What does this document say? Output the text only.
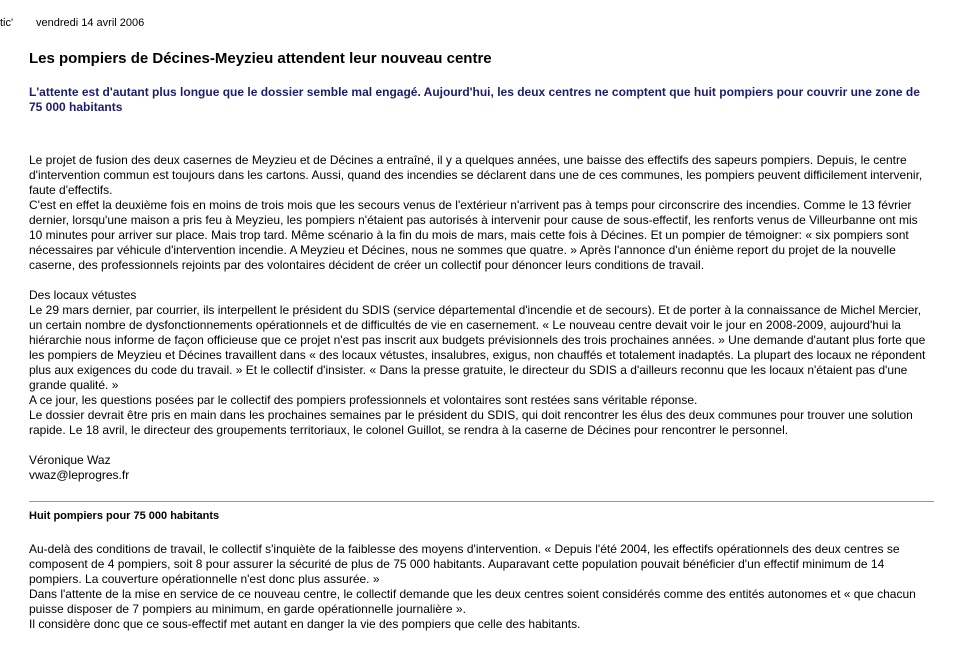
tic' vendredi 14 avril 2006
Les pompiers de Décines-Meyzieu attendent leur nouveau centre
L'attente est d'autant plus longue que le dossier semble mal engagé. Aujourd'hui, les deux centres ne comptent que huit pompiers pour couvrir une zone de 75 000 habitants

Le projet de fusion des deux casernes de Meyzieu et de Décines a entraîné, il y a quelques années, une baisse des effectifs des sapeurs pompiers. Depuis, le centre d'intervention commun est toujours dans les cartons. Aussi, quand des incendies se déclarent dans une de ces communes, les pompiers peuvent difficilement intervenir, faute d'effectifs.

C'est en effet la deuxième fois en moins de trois mois que les secours venus de l'extérieur n'arrivent pas à temps pour circonscrire des incendies. Comme le 13 février dernier, lorsqu'une maison a pris feu à Meyzieu, les pompiers n'étaient pas autorisés à intervenir pour cause de sous-effectif, les renforts venus de Villeurbanne ont mis 10 minutes pour arriver sur place. Mais trop tard. Même scénario à la fin du mois de mars, mais cette fois à Décines. Et un pompier de témoigner: « six pompiers sont nécessaires par véhicule d'intervention incendie. A Meyzieu et Décines, nous ne sommes que quatre. » Après l'annonce d'un énième report du projet de la nouvelle caserne, des professionnels rejoints par des volontaires décident de créer un collectif pour dénoncer leurs conditions de travail.

Des locaux vétustes

Le 29 mars dernier, par courrier, ils interpellent le président du SDIS (service départemental d'incendie et de secours). Et de porter à la connaissance de Michel Mercier, un certain nombre de dysfonctionnements opérationnels et de difficultés de vie en casernement. « Le nouveau centre devait voir le jour en 2008-2009, aujourd'hui la hiérarchie nous informe de façon officieuse que ce projet n'est pas inscrit aux budgets prévisionnels des trois prochaines années. » Une demande d'autant plus forte que les pompiers de Meyzieu et Décines travaillent dans « des locaux vétustes, insalubres, exigus, non chauffés et totalement inadaptés. La plupart des locaux ne répondent plus aux exigences du code du travail. » Et le collectif d'insister. « Dans la presse gratuite, le directeur du SDIS a d'ailleurs reconnu que les locaux n'étaient pas d'une grande qualité. »

A ce jour, les questions posées par le collectif des pompiers professionnels et volontaires sont restées sans véritable réponse.

Le dossier devrait être pris en main dans les prochaines semaines par le président du SDIS, qui doit rencontrer les élus des deux communes pour trouver une solution rapide. Le 18 avril, le directeur des groupements territoriaux, le colonel Guillot, se rendra à la caserne de Décines pour rencontrer le personnel.

Véronique Waz

vwaz@leprogres.fr

Huit pompiers pour 75 000 habitants

Au-delà des conditions de travail, le collectif s'inquiète de la faiblesse des moyens d'intervention. « Depuis l'été 2004, les effectifs opérationnels des deux centres se composent de 4 pompiers, soit 8 pour assurer la sécurité de plus de 75 000 habitants. Auparavant cette population pouvait bénéficier d'un effectif minimum de 14 pompiers. La couverture opérationnelle n'est donc plus assurée. »

Dans l'attente de la mise en service de ce nouveau centre, le collectif demande que les deux centres soient considérés comme des entités autonomes et « que chacun puisse disposer de 7 pompiers au minimum, en garde opérationnelle journalière ».

Il considère donc que ce sous-effectif met autant en danger la vie des pompiers que celle des habitants.
